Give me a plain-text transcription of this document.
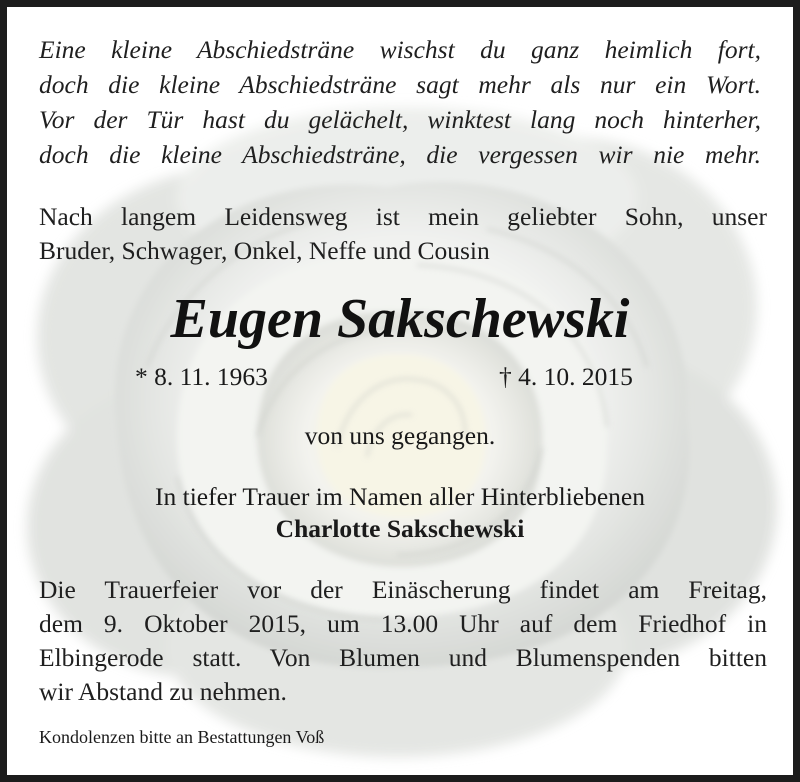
Eine kleine Abschiedsträne wischst du ganz heimlich fort,

doch die kleine Abschiedsträne sagt mehr als nur ein Wort.

Vor der Tür hast du gelächelt, winktest lang noch hinterher,

doch die kleine Abschiedsträne, die vergessen wir nie mehr.

Nach langem Leidensweg ist mein geliebter Sohn, unser

Bruder, Schwager, Onkel, Neffe und Cousin

Eugen Sakschewski

* 8. 11. 1963	† 4. 10. 2015

von uns gegangen.

In tiefer Trauer im Namen aller Hinterbliebenen

Charlotte Sakschewski

Die Trauerfeier vor der Einäscherung findet am Freitag,

dem 9. Oktober 2015, um 13.00 Uhr auf dem Friedhof in

Elbingerode statt. Von Blumen und Blumenspenden bitten

wir Abstand zu nehmen.

Kondolenzen bitte an Bestattungen Voß
